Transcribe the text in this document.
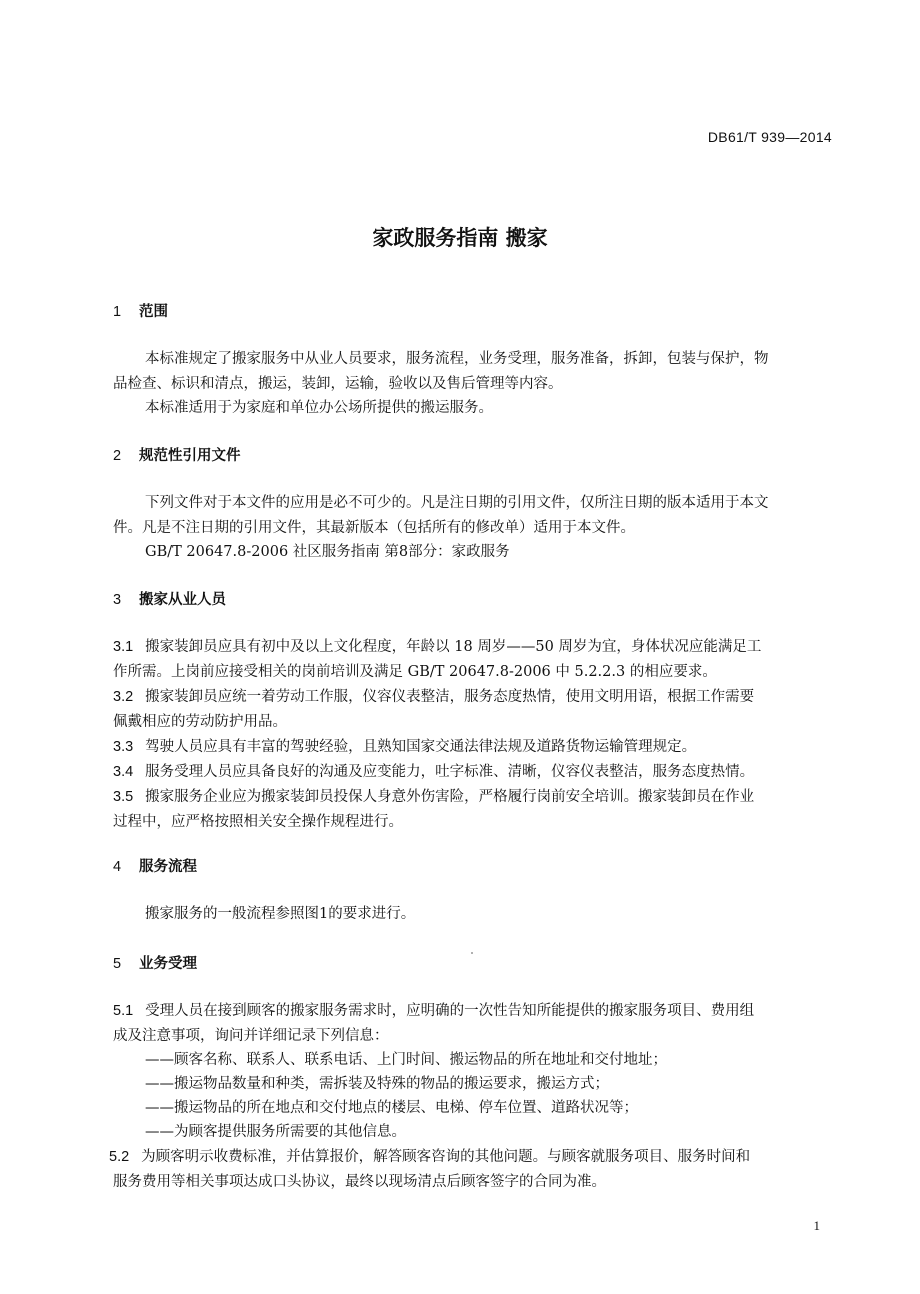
DB61/T 939—2014
家政服务指南 搬家
1 范围
本标准规定了搬家服务中从业人员要求，服务流程，业务受理，服务准备，拆卸，包装与保护，物
品检查、标识和清点，搬运，装卸，运输，验收以及售后管理等内容。
本标准适用于为家庭和单位办公场所提供的搬运服务。
2 规范性引用文件
下列文件对于本文件的应用是必不可少的。凡是注日期的引用文件，仅所注日期的版本适用于本文
件。凡是不注日期的引用文件，其最新版本（包括所有的修改单）适用于本文件。
GB/T 20647.8-2006 社区服务指南 第8部分：家政服务
3 搬家从业人员
3.1 搬家装卸员应具有初中及以上文化程度，年龄以 18 周岁——50 周岁为宜，身体状况应能满足工
作所需。上岗前应接受相关的岗前培训及满足 GB/T 20647.8-2006 中 5.2.2.3 的相应要求。
3.2 搬家装卸员应统一着劳动工作服，仪容仪表整洁，服务态度热情，使用文明用语，根据工作需要
佩戴相应的劳动防护用品。
3.3 驾驶人员应具有丰富的驾驶经验，且熟知国家交通法律法规及道路货物运输管理规定。
3.4 服务受理人员应具备良好的沟通及应变能力，吐字标准、清晰，仪容仪表整洁，服务态度热情。
3.5 搬家服务企业应为搬家装卸员投保人身意外伤害险，严格履行岗前安全培训。搬家装卸员在作业
过程中，应严格按照相关安全操作规程进行。
4 服务流程
搬家服务的一般流程参照图1的要求进行。
5 业务受理
5.1 受理人员在接到顾客的搬家服务需求时，应明确的一次性告知所能提供的搬家服务项目、费用组
成及注意事项，询问并详细记录下列信息：
——顾客名称、联系人、联系电话、上门时间、搬运物品的所在地址和交付地址；
——搬运物品数量和种类，需拆装及特殊的物品的搬运要求，搬运方式；
——搬运物品的所在地点和交付地点的楼层、电梯、停车位置、道路状况等；
——为顾客提供服务所需要的其他信息。
5.2 为顾客明示收费标准，并估算报价，解答顾客咨询的其他问题。与顾客就服务项目、服务时间和
服务费用等相关事项达成口头协议，最终以现场清点后顾客签字的合同为准。
1
